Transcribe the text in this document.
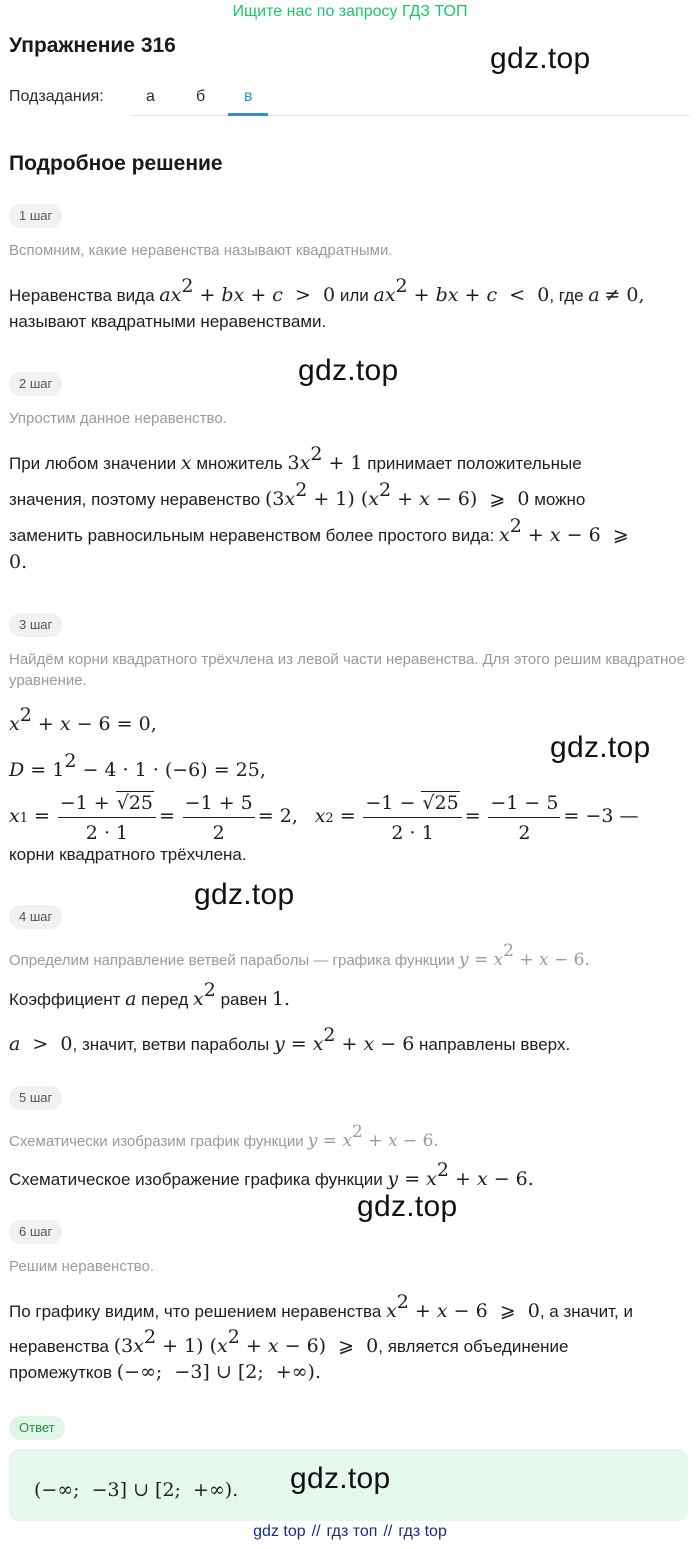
Ищите нас по запросу ГДЗ ТОП
Упражнение 316	gdz.top
Подзадания:	а	б в
Подробное решение
1 шаг
Вспомним, какие неравенства называют квадратными.
Неравенства вида $ax^2$ + bx + c  >  0 или $ax^2$ + bx + c  <  0, где a ≠ 0,
называют квадратными неравенствами.
gdz.top
2 шаг
Упростим данное неравенство.
При любом значении x множитель $3x^2 + 1$ принимает положительные
значения, поэтому неравенство $(3x^2 + 1) (x^2 + x - 6)$  ⩾  0 можно
заменить равносильным неравенством более простого вида: $x^2 + x - 6$  ⩾
0.
3 шаг
Найдём корни квадратного трёхчлена из левой части неравенства. Для этого решим квадратное уравнение.
$x^2 + x - 6 = 0$,
gdz.top
$D = 1^2 - 4 \cdot 1 \cdot (-6) = 25$,
$x1 = \frac{-1 + √25}{2 \cdot 1} = \frac{-1 + 5}{2} = 2$,   $x2 = \frac{-1 - √25}{2 \cdot 1} = \frac{-1 - 5}{2} = -3$ —
корни квадратного трёхчлена.
gdz.top
4 шаг
Определим направление ветвей параболы — графика функции $y = x^2 + x - 6$.
Коэффициент a перед $x^2$ равен 1.
a  >  0, значит, ветви параболы $y = x^2 + x - 6$ направлены вверх.
5 шаг
Схематически изобразим график функции $y = x^2 + x - 6$.
Схематическое изображение графика функции $y = x^2 + x - 6$.
gdz.top
6 шаг
Решим неравенство.
По графику видим, что решением неравенства $x^2 + x - 6$  ⩾  0, а значит, и
неравенства $(3x^2 + 1) (x^2 + x - 6)$  ⩾  0, является объединение
промежутков (−∞;  −3] ∪ [2;  +∞).
Ответ
(−∞;  −3] ∪ [2;  +∞).	gdz.top
gdz top // гдз топ // гдз top
